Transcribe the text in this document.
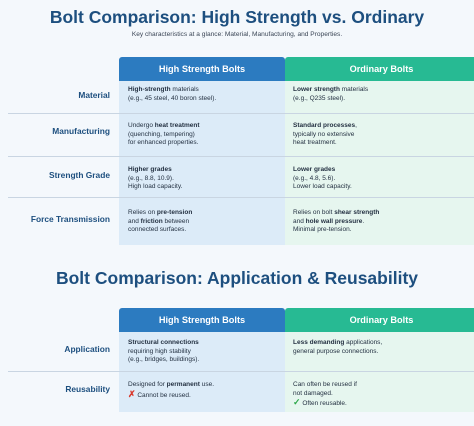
Bolt Comparison: High Strength vs. Ordinary
Key characteristics at a glance: Material, Manufacturing, and Properties.
High Strength Bolts	Ordinary Bolts
Material
Manufacturing
Strength Grade
Force Transmission
High-strength materials
(e.g., 45 steel, 40 boron steel).
Lower strength materials
(e.g., Q235 steel).
Undergo heat treatment
(quenching, tempering)
for enhanced properties.
Standard processes,
typically no extensive
heat treatment.
Higher grades
(e.g., 8.8, 10.9).
High load capacity.
Lower grades
(e.g., 4.8, 5.6).
Lower load capacity.
Relies on pre-tension
and friction between
connected surfaces.
Relies on bolt shear strength
and hole wall pressure.
Minimal pre-tension.
Bolt Comparison: Application & Reusability
High Strength Bolts	Ordinary Bolts
Application
Reusability
Structural connections
requiring high stability
(e.g., bridges, buildings).
Less demanding applications,
general purpose connections.
Designed for permanent use.
✗ Cannot be reused.
Can often be reused if
not damaged.
✓ Often reusable.
